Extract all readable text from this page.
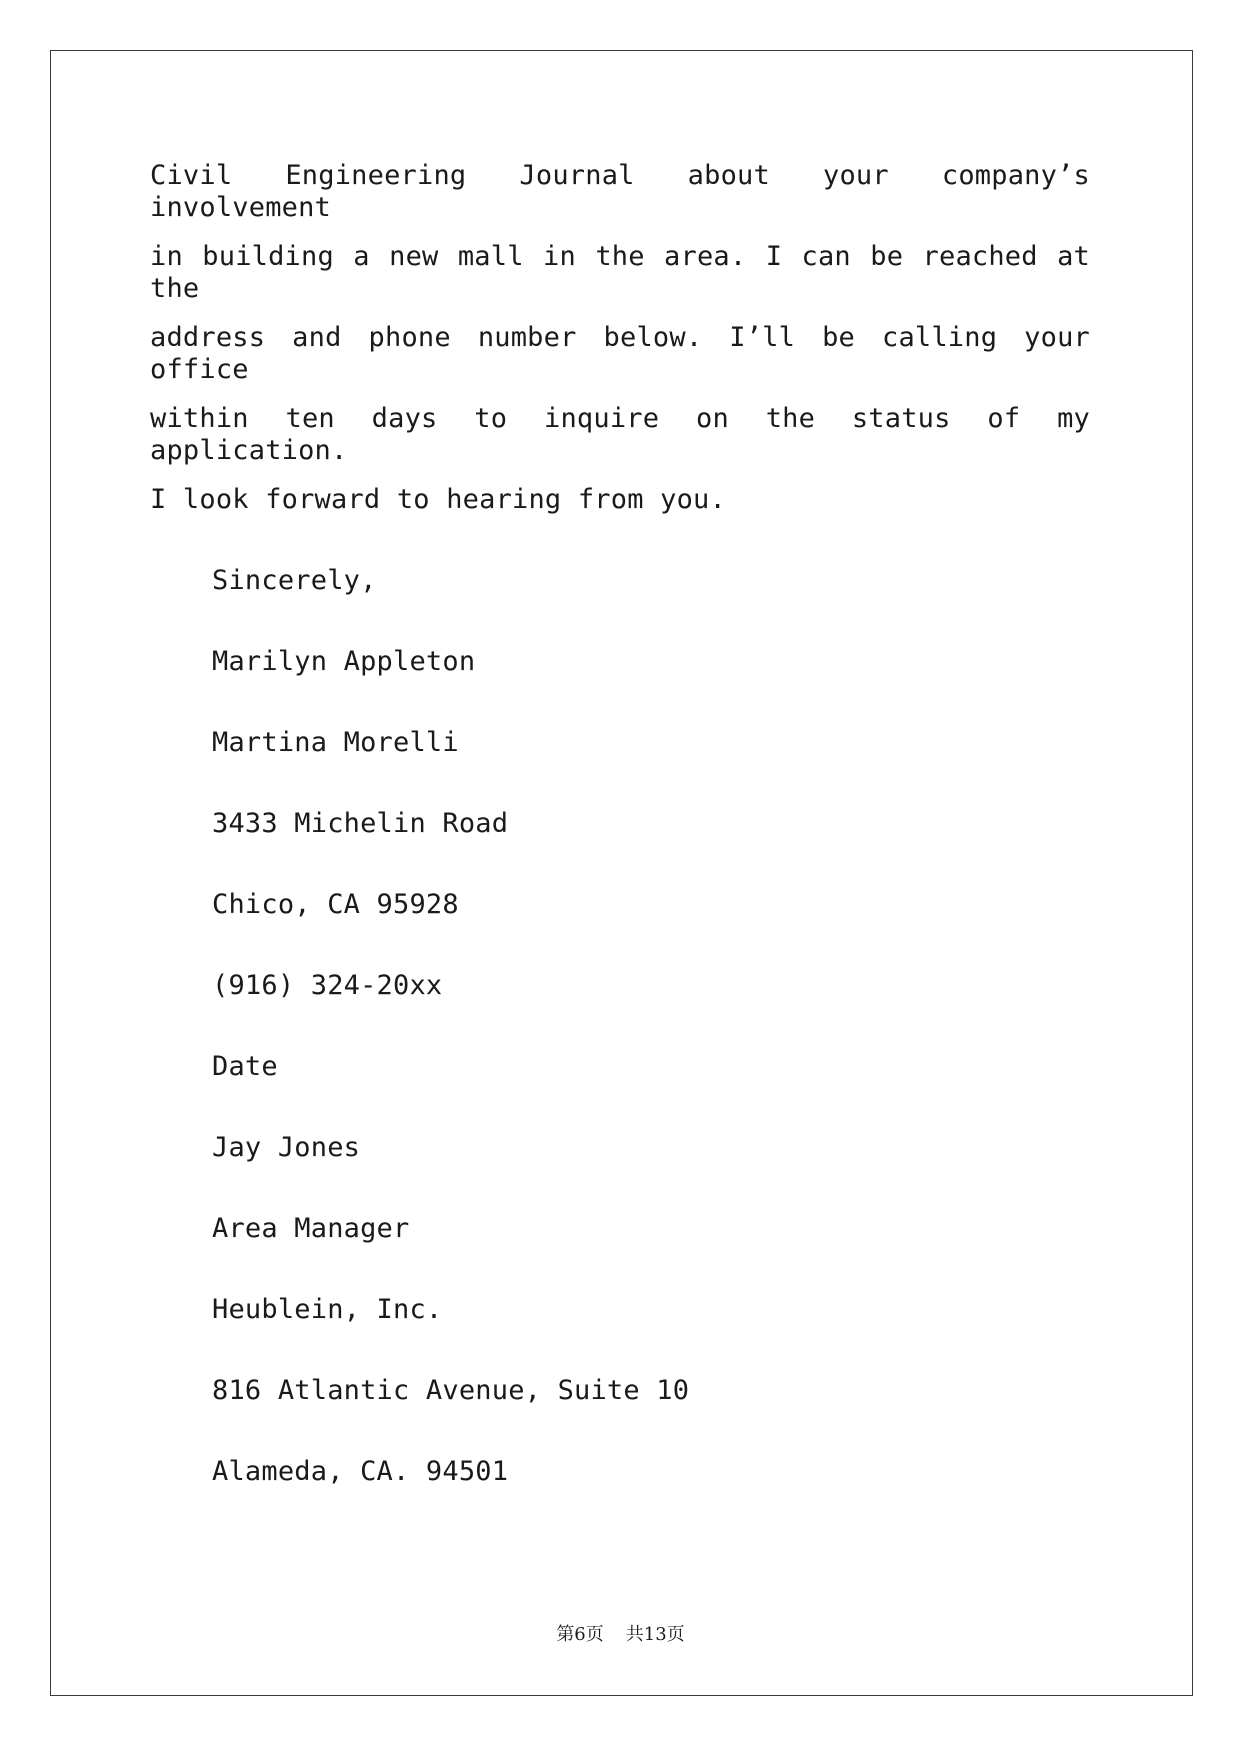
Civil Engineering Journal about your company’s involvement
in building a new mall in the area. I can be reached at the
address and phone number below. I’ll be calling your office
within ten days to inquire on the status of my application.
I look forward to hearing from you.
Sincerely,
Marilyn Appleton
Martina Morelli
3433 Michelin Road
Chico, CA 95928
(916) 324-20xx
Date
Jay Jones
Area Manager
Heublein, Inc.
816 Atlantic Avenue, Suite 10
Alameda, CA. 94501
第6页 共13页
